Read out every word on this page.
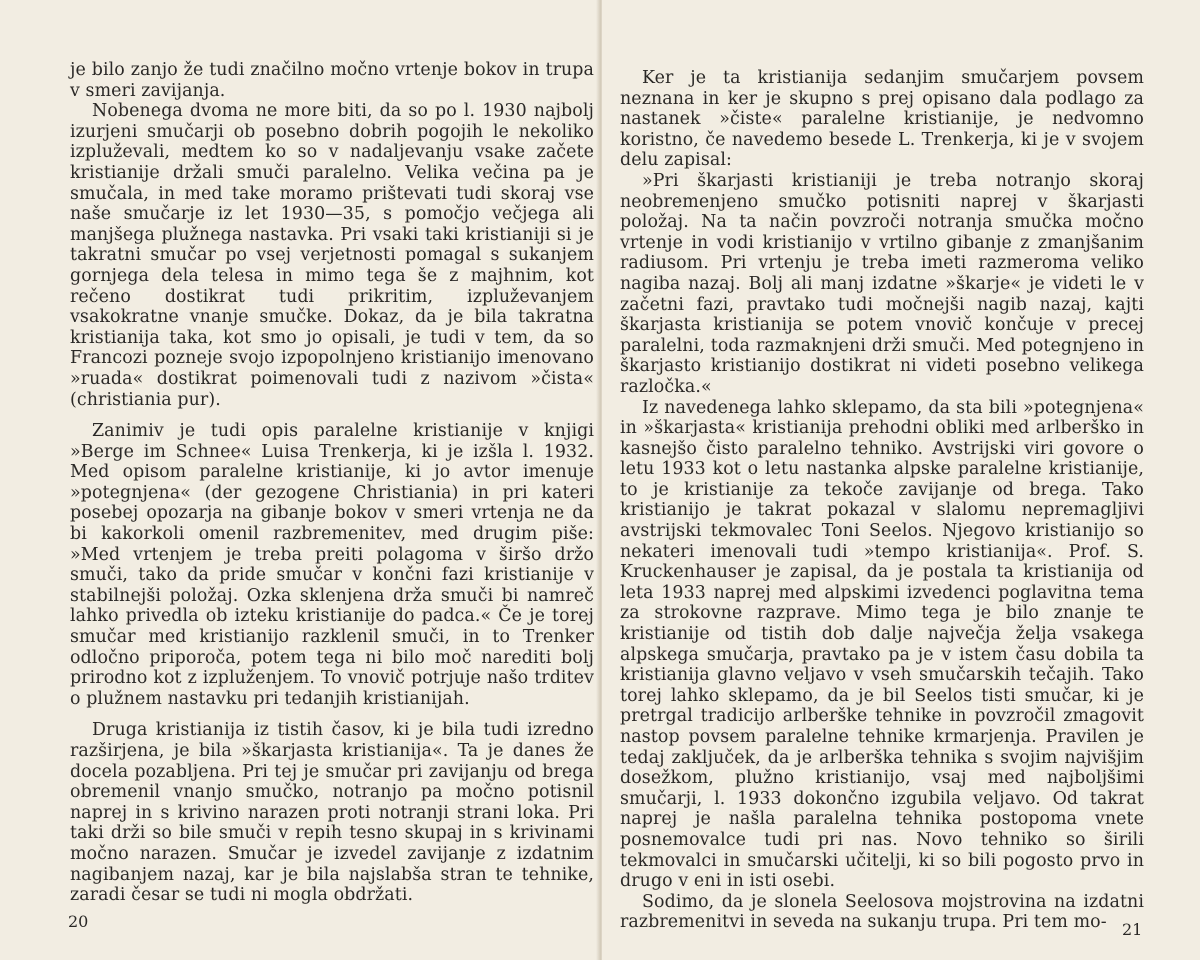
je bilo zanjo že tudi značilno močno vrtenje bokov in trupa v smeri zavijanja.

Nobenega dvoma ne more biti, da so po l. 1930 najbolj izurjeni smučarji ob posebno dobrih pogojih le nekoliko izpluževali, medtem ko so v nadaljevanju vsake začete kristianije držali smuči paralelno. Velika večina pa je smučala, in med take moramo prištevati tudi skoraj vse naše smučarje iz let 1930—35, s pomočjo večjega ali manjšega plužnega nastavka. Pri vsaki taki kristianiji si je takratni smučar po vsej verjetnosti pomagal s sukanjem gornjega dela telesa in mimo tega še z majhnim, kot rečeno dostikrat tudi prikritim, izpluževanjem vsakokratne vnanje smučke. Dokaz, da je bila takratna kristianija taka, kot smo jo opisali, je tudi v tem, da so Francozi pozneje svojo izpopolnjeno kristianijo imenovano »ruada« dostikrat poimenovali tudi z nazivom »čista« (christiania pur).

Zanimiv je tudi opis paralelne kristianije v knjigi »Berge im Schnee« Luisa Trenkerja, ki je izšla l. 1932. Med opisom paralelne kristianije, ki jo avtor imenuje »potegnjena« (der gezogene Christiania) in pri kateri posebej opozarja na gibanje bokov v smeri vrtenja ne da bi kakorkoli omenil razbremenitev, med drugim piše: »Med vrtenjem je treba preiti polagoma v širšo držo smuči, tako da pride smučar v končni fazi kristianije v stabilnejši položaj. Ozka sklenjena drža smuči bi namreč lahko privedla ob izteku kristianije do padca.« Če je torej smučar med kristianijo razklenil smuči, in to Trenker odločno priporoča, potem tega ni bilo moč narediti bolj prirodno kot z izpluženjem. To vnovič potrjuje našo trditev o plužnem nastavku pri tedanjih kristianijah.

Druga kristianija iz tistih časov, ki je bila tudi izredno razširjena, je bila »škarjasta kristianija«. Ta je danes že docela pozabljena. Pri tej je smučar pri zavijanju od brega obremenil vnanjo smučko, notranjo pa močno potisnil naprej in s krivino narazen proti notranji strani loka. Pri taki drži so bile smuči v repih tesno skupaj in s krivinami močno narazen. Smučar je izvedel zavijanje z izdatnim nagibanjem nazaj, kar je bila najslabša stran te tehnike, zaradi česar se tudi ni mogla obdržati.

20

Ker je ta kristianija sedanjim smučarjem povsem neznana in ker je skupno s prej opisano dala podlago za nastanek »čiste« paralelne kristianije, je nedvomno koristno, če navedemo besede L. Trenkerja, ki je v svojem delu zapisal:

»Pri škarjasti kristianiji je treba notranjo skoraj neobremenjeno smučko potisniti naprej v škarjasti položaj. Na ta način povzroči notranja smučka močno vrtenje in vodi kristianijo v vrtilno gibanje z zmanjšanim radiusom. Pri vrtenju je treba imeti razmeroma veliko nagiba nazaj. Bolj ali manj izdatne »škarje« je videti le v začetni fazi, pravtako tudi močnejši nagib nazaj, kajti škarjasta kristianija se potem vnovič končuje v precej paralelni, toda razmaknjeni drži smuči. Med potegnjeno in škarjasto kristianijo dostikrat ni videti posebno velikega razločka.«

Iz navedenega lahko sklepamo, da sta bili »potegnjena« in »škarjasta« kristianija prehodni obliki med arlberško in kasnejšo čisto paralelno tehniko. Avstrijski viri govore o letu 1933 kot o letu nastanka alpske paralelne kristianije, to je kristianije za tekoče zavijanje od brega. Tako kristianijo je takrat pokazal v slalomu nepremagljivi avstrijski tekmovalec Toni Seelos. Njegovo kristianijo so nekateri imenovali tudi »tempo kristianija«. Prof. S. Kruckenhauser je zapisal, da je postala ta kristianija od leta 1933 naprej med alpskimi izvedenci poglavitna tema za strokovne razprave. Mimo tega je bilo znanje te kristianije od tistih dob dalje največja želja vsakega alpskega smučarja, pravtako pa je v istem času dobila ta kristianija glavno veljavo v vseh smučarskih tečajih. Tako torej lahko sklepamo, da je bil Seelos tisti smučar, ki je pretrgal tradicijo arlberške tehnike in povzročil zmagovit nastop povsem paralelne tehnike krmarjenja. Pravilen je tedaj zaključek, da je arlberška tehnika s svojim najvišjim dosežkom, plužno kristianijo, vsaj med najboljšimi smučarji, l. 1933 dokončno izgubila veljavo. Od takrat naprej je našla paralelna tehnika postopoma vnete posnemovalce tudi pri nas. Novo tehniko so širili tekmovalci in smučarski učitelji, ki so bili pogosto prvo in drugo v eni in isti osebi.

Sodimo, da je slonela Seelosova mojstrovina na izdatni razbremenitvi in seveda na sukanju trupa. Pri tem mo- 21
